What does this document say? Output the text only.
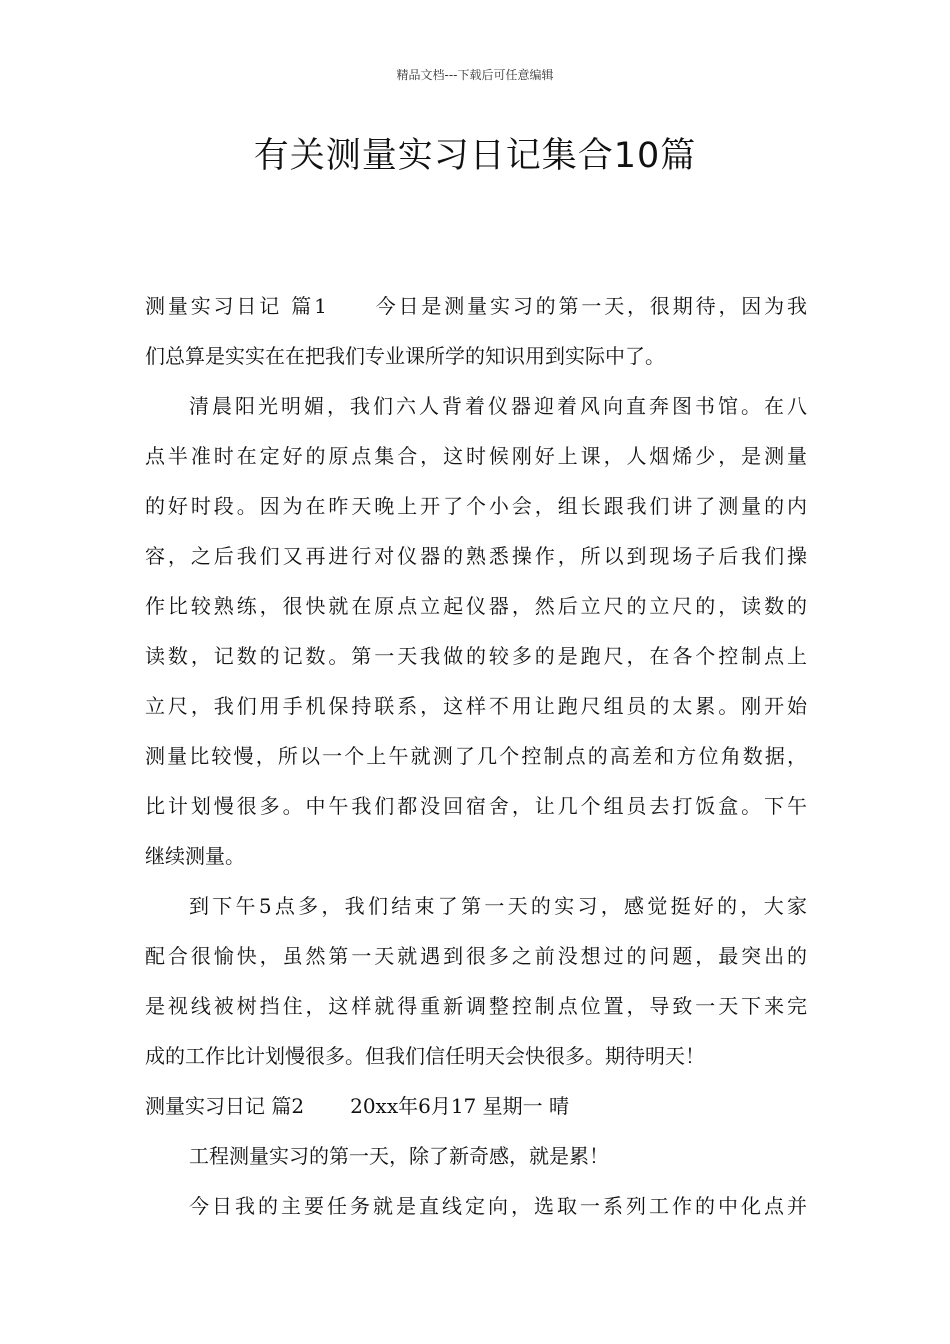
精品文档---下载后可任意编辑
有关测量实习日记集合10篇
测量实习日记 篇1 今日是测量实习的第一天，很期待，因为我
们总算是实实在在把我们专业课所学的知识用到实际中了。
清晨阳光明媚，我们六人背着仪器迎着风向直奔图书馆。在八
点半准时在定好的原点集合，这时候刚好上课，人烟烯少，是测量
的好时段。因为在昨天晚上开了个小会，组长跟我们讲了测量的内
容，之后我们又再进行对仪器的熟悉操作，所以到现场子后我们操
作比较熟练，很快就在原点立起仪器，然后立尺的立尺的，读数的
读数，记数的记数。第一天我做的较多的是跑尺，在各个控制点上
立尺，我们用手机保持联系，这样不用让跑尺组员的太累。刚开始
测量比较慢，所以一个上午就测了几个控制点的高差和方位角数据，
比计划慢很多。中午我们都没回宿舍，让几个组员去打饭盒。下午
继续测量。
到下午5点多，我们结束了第一天的实习，感觉挺好的，大家
配合很愉快，虽然第一天就遇到很多之前没想过的问题，最突出的
是视线被树挡住，这样就得重新调整控制点位置，导致一天下来完
成的工作比计划慢很多。但我们信任明天会快很多。期待明天！
测量实习日记 篇2 20xx年6月17 星期一 晴
工程测量实习的第一天，除了新奇感，就是累！
今日我的主要任务就是直线定向，选取一系列工作的中化点并
